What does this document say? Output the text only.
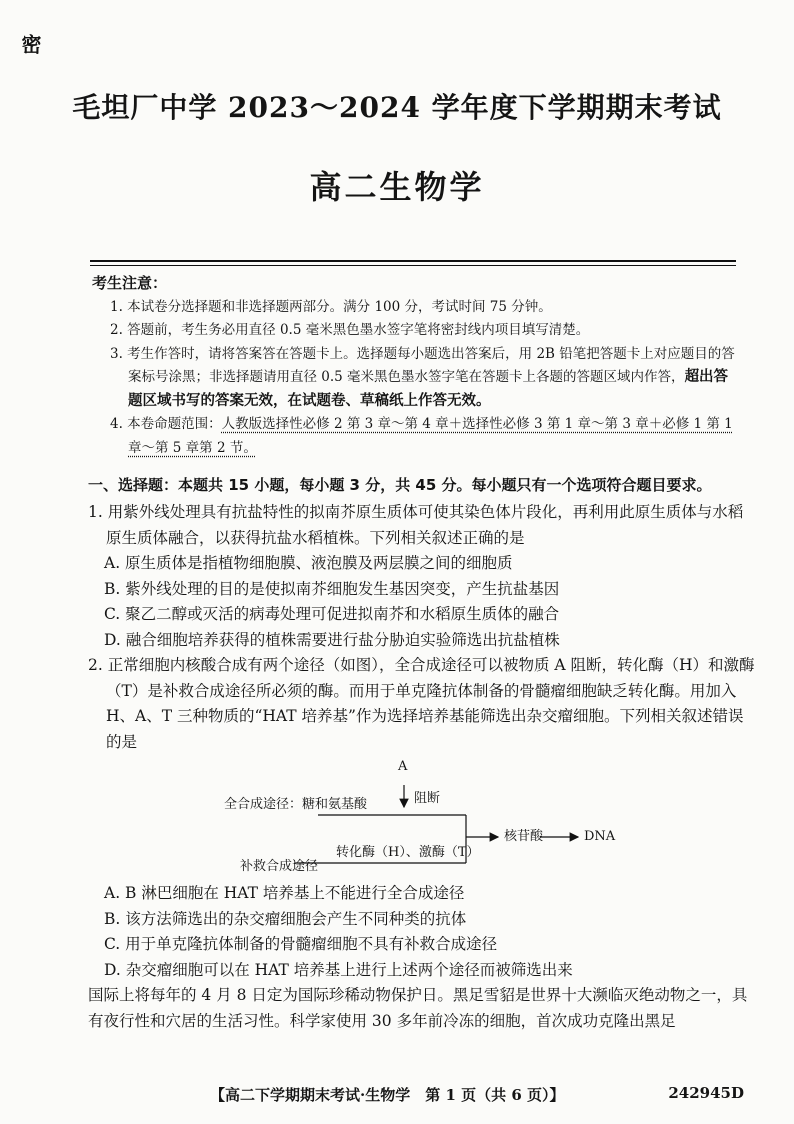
密
毛坦厂中学 2023～2024 学年度下学期期末考试
高二生物学
考生注意：
1. 本试卷分选择题和非选择题两部分。满分 100 分，考试时间 75 分钟。
2. 答题前，考生务必用直径 0.5 毫米黑色墨水签字笔将密封线内项目填写清楚。
3. 考生作答时，请将答案答在答题卡上。选择题每小题选出答案后，用 2B 铅笔把答题卡上对应题目的答案标号涂黑；非选择题请用直径 0.5 毫米黑色墨水签字笔在答题卡上各题的答题区域内作答，超出答题区域书写的答案无效，在试题卷、草稿纸上作答无效。
4. 本卷命题范围：人教版选择性必修 2 第 3 章～第 4 章＋选择性必修 3 第 1 章～第 3 章＋必修 1 第 1 章～第 5 章第 2 节。
一、选择题：本题共 15 小题，每小题 3 分，共 45 分。每小题只有一个选项符合题目要求。

1. 用紫外线处理具有抗盐特性的拟南芥原生质体可使其染色体片段化，再利用此原生质体与水稻原生质体融合，以获得抗盐水稻植株。下列相关叙述正确的是

A. 原生质体是指植物细胞膜、液泡膜及两层膜之间的细胞质

B. 紫外线处理的目的是使拟南芥细胞发生基因突变，产生抗盐基因

C. 聚乙二醇或灭活的病毒处理可促进拟南芥和水稻原生质体的融合

D. 融合细胞培养获得的植株需要进行盐分胁迫实验筛选出抗盐植株

2. 正常细胞内核酸合成有两个途径（如图），全合成途径可以被物质 A 阻断，转化酶（H）和激酶（T）是补救合成途径所必须的酶。而用于单克隆抗体制备的骨髓瘤细胞缺乏转化酶。用加入 H、A、T 三种物质的“HAT 培养基”作为选择培养基能筛选出杂交瘤细胞。下列相关叙述错误的是

A
阻断
全合成途径：糖和氨基酸
补救合成途径
转化酶（H）、激酶（T）
核苷酸	DNA

A. B 淋巴细胞在 HAT 培养基上不能进行全合成途径

B. 该方法筛选出的杂交瘤细胞会产生不同种类的抗体

C. 用于单克隆抗体制备的骨髓瘤细胞不具有补救合成途径

D. 杂交瘤细胞可以在 HAT 培养基上进行上述两个途径而被筛选出来

国际上将每年的 4 月 8 日定为国际珍稀动物保护日。黑足雪貂是世界十大濒临灭绝动物之一，具有夜行性和穴居的生活习性。科学家使用 30 多年前冷冻的细胞，首次成功克隆出黑足

【高二下学期期末考试·生物学　第 1 页（共 6 页）】	242945D
